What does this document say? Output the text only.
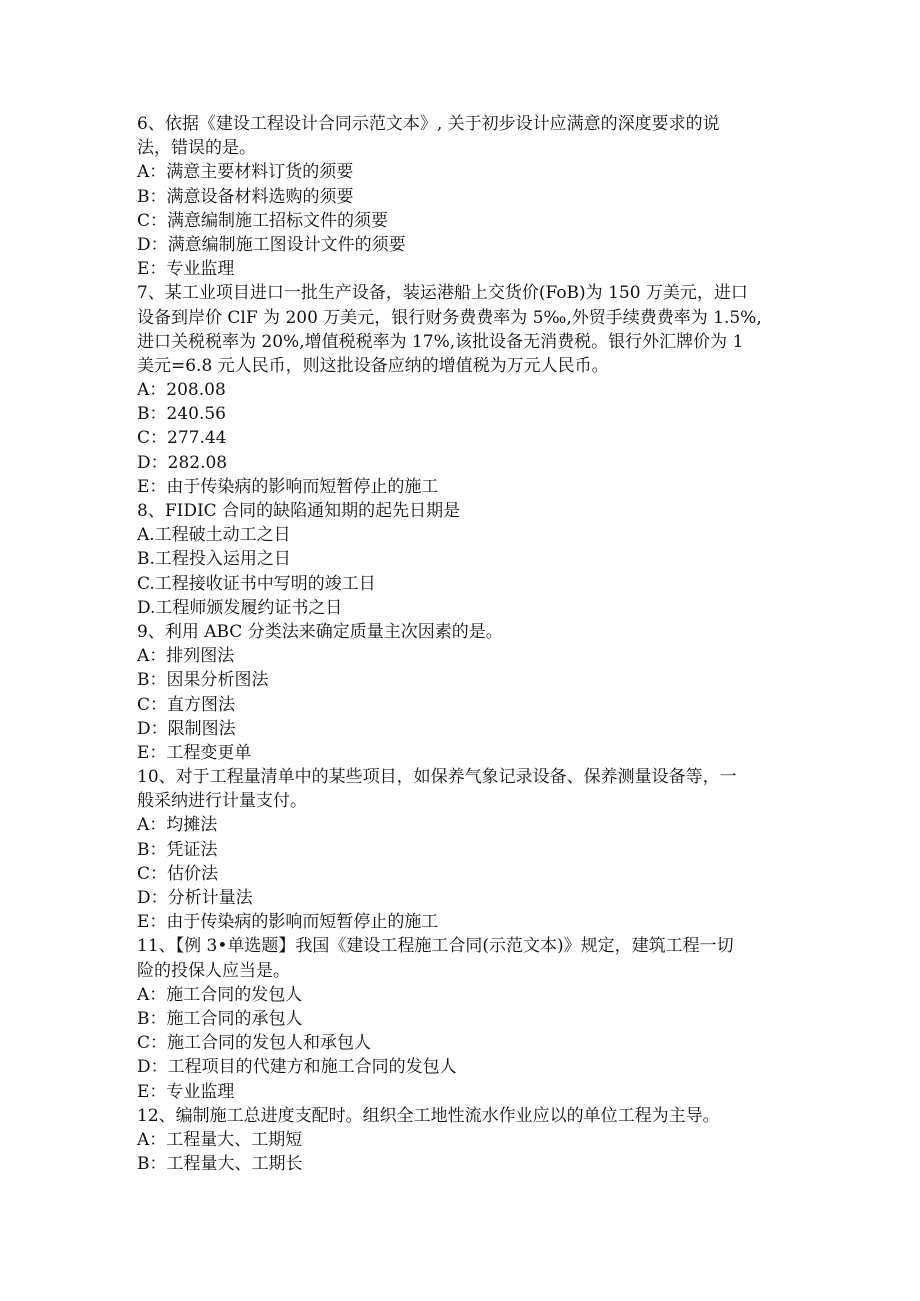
6、依据《建设工程设计合同示范文本》, 关于初步设计应满意的深度要求的说
法，错误的是。
A：满意主要材料订货的须要
B：满意设备材料选购的须要
C：满意编制施工招标文件的须要
D：满意编制施工图设计文件的须要
E：专业监理
7、某工业项目进口一批生产设备，装运港船上交货价(FoB)为 150 万美元，进口
设备到岸价 ClF 为 200 万美元，银行财务费费率为 5‰,外贸手续费费率为 1.5%,
进口关税税率为 20%,增值税税率为 17%,该批设备无消费税。银行外汇牌价为 1
美元=6.8 元人民币，则这批设备应纳的增值税为万元人民币。
A：208.08
B：240.56
C：277.44
D：282.08
E：由于传染病的影响而短暂停止的施工
8、FIDIC 合同的缺陷通知期的起先日期是
A.工程破土动工之日
B.工程投入运用之日
C.工程接收证书中写明的竣工日
D.工程师颁发履约证书之日
9、利用 ABC 分类法来确定质量主次因素的是。
A：排列图法
B：因果分析图法
C：直方图法
D：限制图法
E：工程变更单
10、对于工程量清单中的某些项目，如保养气象记录设备、保养测量设备等，一
般采纳进行计量支付。
A：均摊法
B：凭证法
C：估价法
D：分析计量法
E：由于传染病的影响而短暂停止的施工
11、【例 3•单选题】我国《建设工程施工合同(示范文本)》规定，建筑工程一切
险的投保人应当是。
A：施工合同的发包人
B：施工合同的承包人
C：施工合同的发包人和承包人
D：工程项目的代建方和施工合同的发包人
E：专业监理
12、编制施工总进度支配时。组织全工地性流水作业应以的单位工程为主导。
A：工程量大、工期短
B：工程量大、工期长
